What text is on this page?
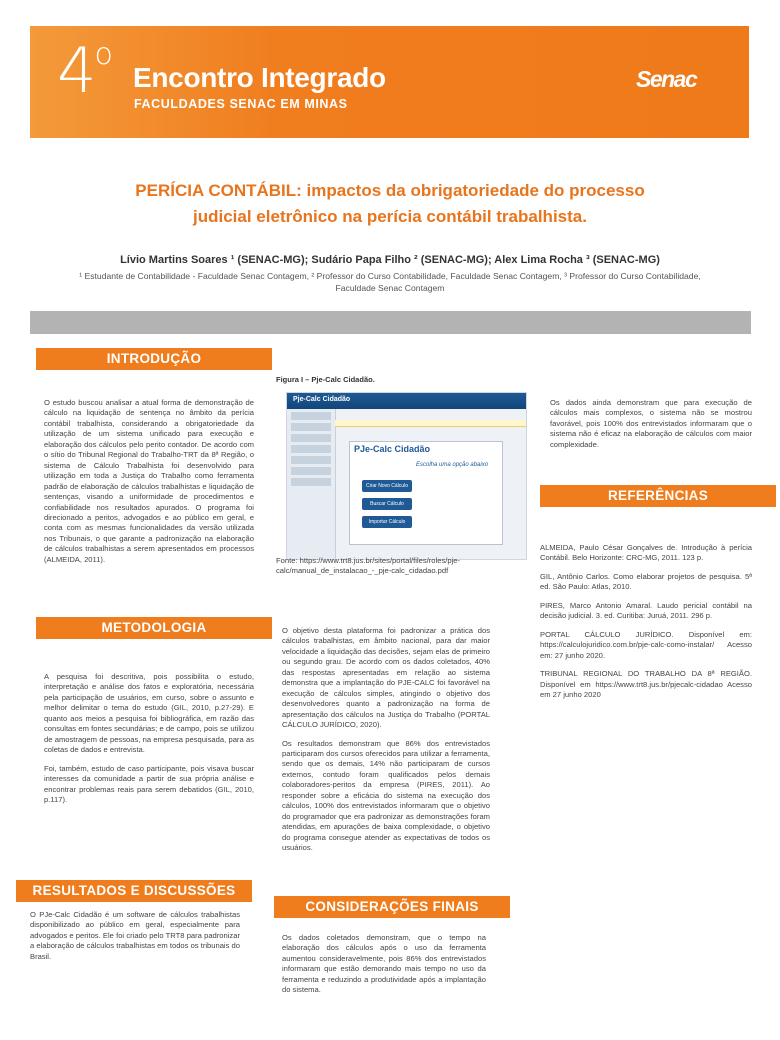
4$^o$
Encontro Integrado
FACULDADES SENAC EM MINAS
Senac
PERÍCIA CONTÁBIL: impactos da obrigatoriedade do processo
judicial eletrônico na perícia contábil trabalhista.
Lívio Martins Soares ¹ (SENAC-MG); Sudário Papa Filho ² (SENAC-MG); Alex Lima Rocha ³ (SENAC-MG)
¹ Estudante de Contabilidade - Faculdade Senac Contagem, ² Professor do Curso Contabilidade, Faculdade Senac Contagem, ³ Professor do Curso Contabilidade, Faculdade Senac Contagem
INTRODUÇÃO
O estudo buscou analisar a atual forma de demonstração de cálculo na liquidação de sentença no âmbito da perícia contábil trabalhista, considerando a obrigatoriedade da utilização de um sistema unificado para execução e elaboração dos cálculos pelo perito contador. De acordo com o sítio do Tribunal Regional do Trabalho-TRT da 8ª Região, o sistema de Cálculo Trabalhista foi desenvolvido para utilização em toda a Justiça do Trabalho como ferramenta padrão de elaboração de cálculos trabalhistas e liquidação de sentenças, visando a uniformidade de procedimentos e confiabilidade nos resultados apurados. O programa foi direcionado a peritos, advogados e ao público em geral, e conta com as mesmas funcionalidades da versão utilizada nos Tribunais, o que garante a padronização na elaboração de cálculos trabalhistas a serem apresentados em processos (ALMEIDA, 2011).
Figura I – Pje-Calc Cidadão.
Pje-Calc Cidadão
PJe-Calc Cidadão
Escolha uma opção abaixo
Criar Novo Cálculo
Buscar Cálculo
Importar Cálculo
Fonte: https://www.trt8.jus.br/sites/portal/files/roles/pje-calc/manual_de_instalacao_-_pje-calc_cidadao.pdf
Os dados ainda demonstram que para execução de cálculos mais complexos, o sistema não se mostrou favorável, pois 100% dos entrevistados informaram que o sistema não é eficaz na elaboração de cálculos com maior complexidade.
REFERÊNCIAS

ALMEIDA, Paulo César Gonçalves de. Introdução à perícia Contábil. Belo Horizonte: CRC-MG, 2011. 123 p.

GIL, Antônio Carlos. Como elaborar projetos de pesquisa. 5ª ed. São Paulo: Atlas, 2010.

PIRES, Marco Antonio Amaral. Laudo pericial contábil na decisão judicial. 3. ed. Curitiba: Juruá, 2011. 296 p.

PORTAL CÁLCULO JURÍDICO. Disponível em: https://calculojuridico.com.br/pje-calc-como-instalar/ Acesso em: 27 junho 2020.

TRIBUNAL REGIONAL DO TRABALHO DA 8ª REGIÃO. Disponível em https://www.trt8.jus.br/pjecalc-cidadao Acesso em 27 junho 2020

METODOLOGIA

A pesquisa foi descritiva, pois possibilita o estudo, interpretação e análise dos fatos e exploratória, necessária pela participação de usuários, em curso, sobre o assunto e melhor delimitar o tema do estudo (GIL, 2010, p.27-29). E quanto aos meios a pesquisa foi bibliográfica, em razão das consultas em fontes secundárias; e de campo, pois se utilizou de amostragem de pessoas, na empresa pesquisada, para as coletas de dados e entrevista.

Foi, também, estudo de caso participante, pois visava buscar interesses da comunidade a partir de sua própria análise e encontrar problemas reais para serem debatidos (GIL, 2010, p.117).

O objetivo desta plataforma foi padronizar a prática dos cálculos trabalhistas, em âmbito nacional, para dar maior velocidade a liquidação das decisões, sejam elas de primeiro ou segundo grau. De acordo com os dados coletados, 40% das respostas apresentadas em relação ao sistema demonstra que a implantação do PJE-CALC foi favorável na execução de cálculos simples, atingindo o objetivo dos desenvolvedores quanto a padronização na forma de apresentação dos cálculos na Justiça do Trabalho (PORTAL CÁLCULO JURÍDICO, 2020).

Os resultados demonstram que 86% dos entrevistados participaram dos cursos oferecidos para utilizar a ferramenta, sendo que os demais, 14% não participaram de cursos externos, contudo foram qualificados pelos demais colaboradores-peritos da empresa (PIRES, 2011). Ao responder sobre a eficácia do sistema na execução dos cálculos, 100% dos entrevistados informaram que o objetivo do programador que era padronizar as demonstrações foram atendidas, em apurações de baixa complexidade, o objetivo do programa consegue atender as expectativas de todos os usuários.

RESULTADOS E DISCUSSÕES
O PJe-Calc Cidadão é um software de cálculos trabalhistas disponibilizado ao público em geral, especialmente para advogados e peritos. Ele foi criado pelo TRT8 para padronizar a elaboração de cálculos trabalhistas em todos os tribunais do Brasil.
CONSIDERAÇÕES FINAIS
Os dados coletados demonstram, que o tempo na elaboração dos cálculos após o uso da ferramenta aumentou consideravelmente, pois 86% dos entrevistados informaram que estão demorando mais tempo no uso da ferramenta e reduzindo a produtividade após a implantação do sistema.
